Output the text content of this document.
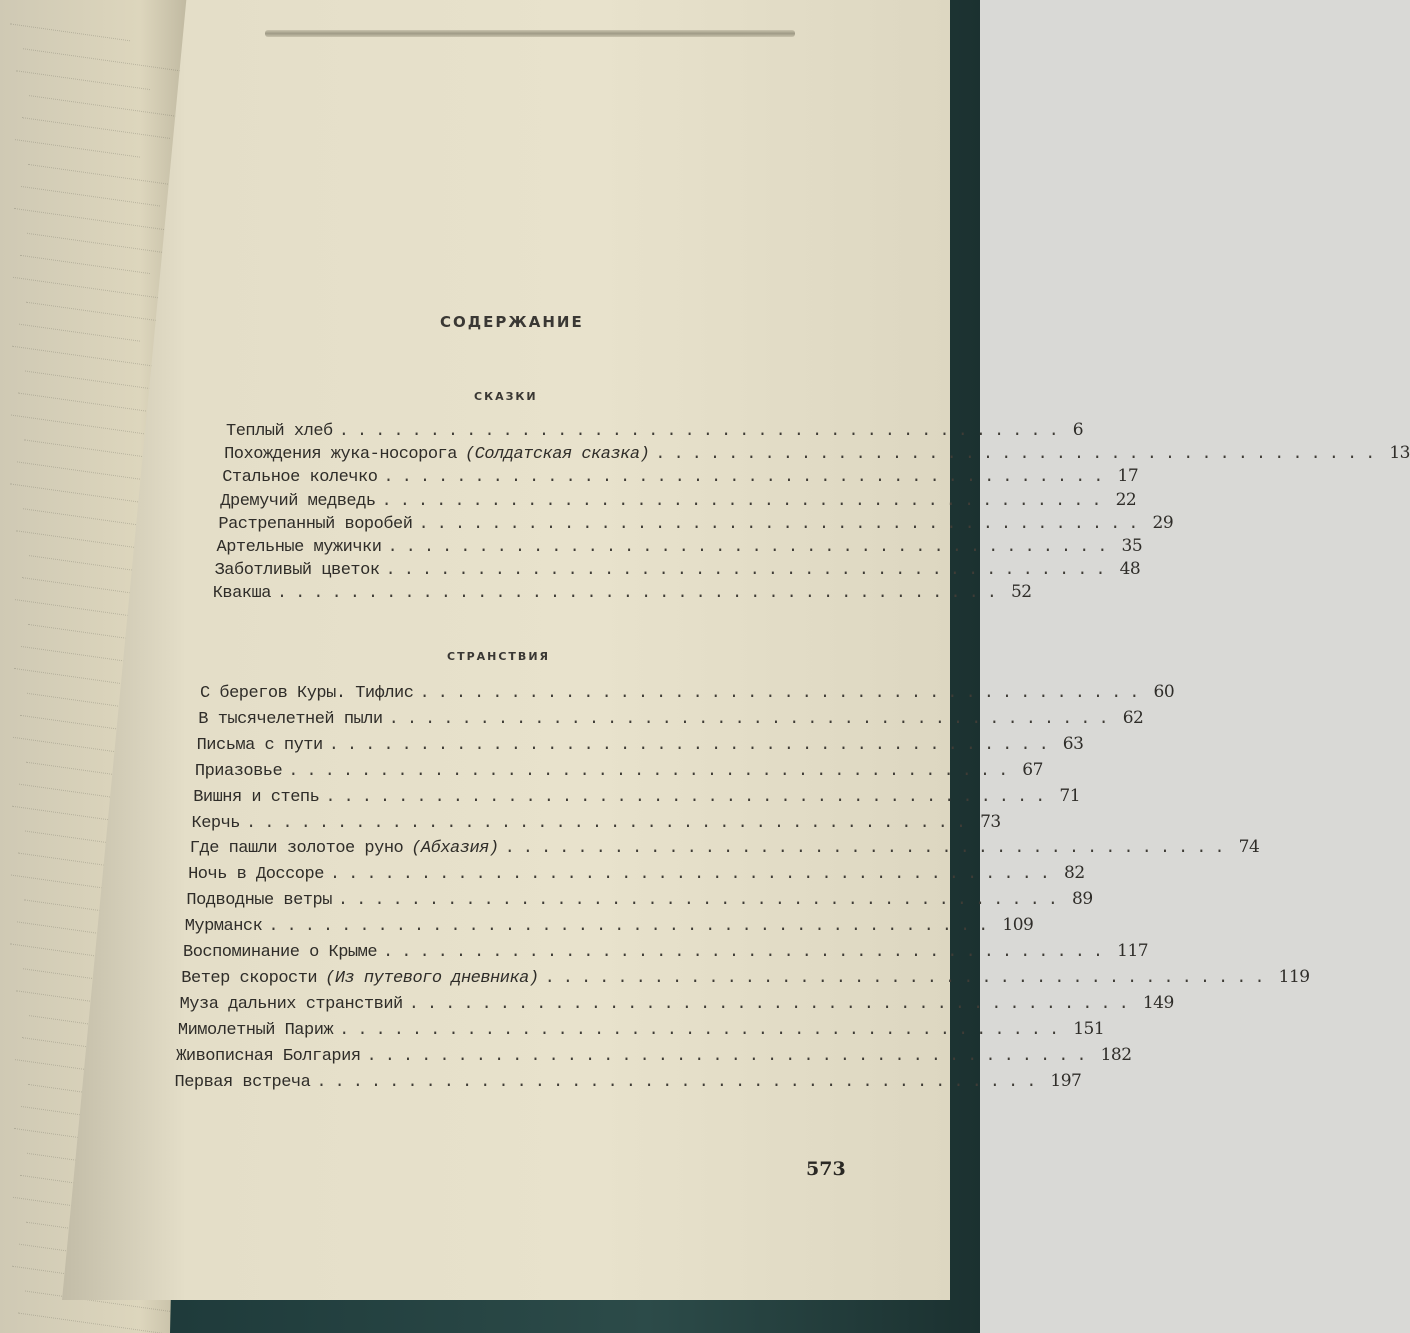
СОДЕРЖАНИЕ
СКАЗКИ
СТРАНСТВИЯ
Теплый хлеб ........................................ 6
Похождения жука-носорога (Солдатская сказка) ........................................ 13
Стальное колечко ........................................ 17
Дремучий медведь ........................................ 22
Растрепанный воробей ........................................ 29
Артельные мужички ........................................ 35
Заботливый цветок ........................................ 48
Квакша ........................................ 52
С берегов Куры. Тифлис ........................................ 60
В тысячелетней пыли ........................................ 62
Письма с пути ........................................ 63
Приазовье ........................................ 67
Вишня и степь ........................................ 71
Керчь ........................................ 73
Где пашли золотое руно (Абхазия) ........................................ 74
Ночь в Доссоре ........................................ 82
Подводные ветры ........................................ 89
Мурманск ........................................ 109
Воспоминание о Крыме ........................................ 117
Ветер скорости (Из путевого дневника) ........................................ 119
Муза дальних странствий ........................................ 149
Мимолетный Париж ........................................ 151
Живописная Болгария ........................................ 182
Первая встреча ........................................ 197
573
